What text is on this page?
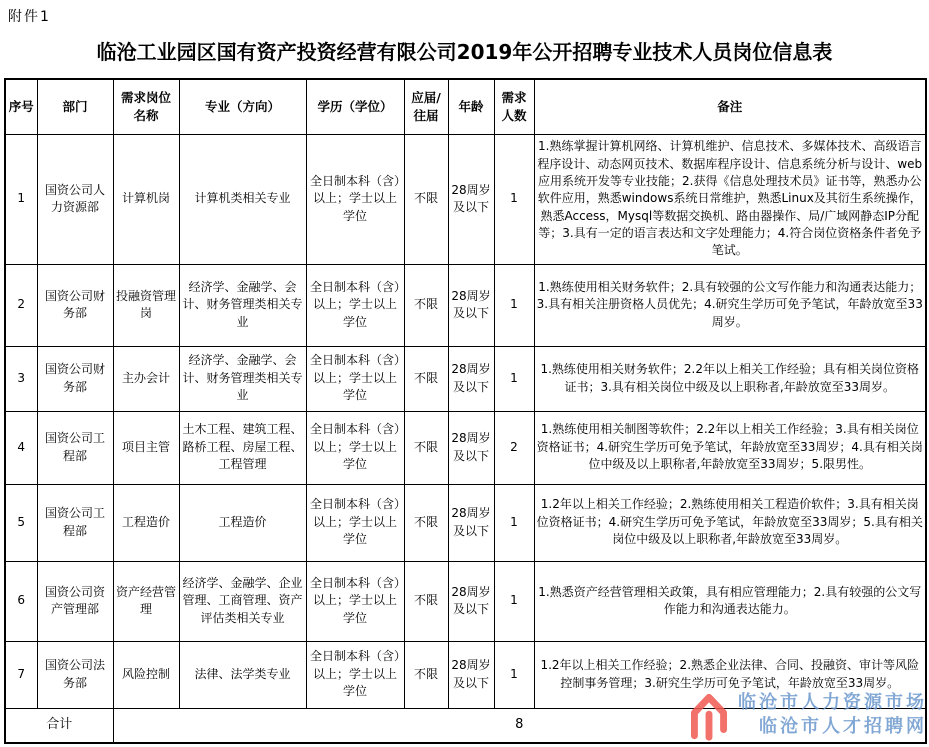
附件1
临沧工业园区国有资产投资经营有限公司2019年公开招聘专业技术人员岗位信息表
序号	部门	需求岗位名称	专业（方向）	学历（学位）	应届/往届	年龄	需求人数	备注
1	国资公司人力资源部	计算机岗	计算机类相关专业	全日制本科（含）以上；学士以上学位	不限	28周岁及以下	1	1.熟练掌握计算机网络、计算机维护、信息技术、多媒体技术、高级语言程序设计、动态网页技术、数据库程序设计、信息系统分析与设计、web应用系统开发等专业技能；2.获得《信息处理技术员》证书等，熟悉办公软件应用，熟悉windows系统日常维护，熟悉Linux及其衍生系统操作，熟悉Access，Mysql等数据交换机、路由器操作、局/广域网静态IP分配等；3.具有一定的语言表达和文字处理能力；4.符合岗位资格条件者免予笔试。
2	国资公司财务部	投融资管理岗	经济学、金融学、会计、财务管理类相关专业	全日制本科（含）以上；学士以上学位	不限	28周岁及以下	1	1.熟练使用相关财务软件；2.具有较强的公文写作能力和沟通表达能力；3.具有相关注册资格人员优先；4.研究生学历可免予笔试，年龄放宽至33周岁。
3	国资公司财务部	主办会计	经济学、金融学、会计、财务管理类相关专业	全日制本科（含）以上；学士以上学位	不限	28周岁及以下	1	1.熟练使用相关财务软件；2.2年以上相关工作经验；具有相关岗位资格证书；3.具有相关岗位中级及以上职称者,年龄放宽至33周岁。
4	国资公司工程部	项目主管	土木工程、建筑工程、路桥工程、房屋工程、工程管理	全日制本科（含）以上；学士以上学位	不限	28周岁及以下	2	1.熟练使用相关制图等软件；2.2年以上相关工作经验；3.具有相关岗位资格证书；4.研究生学历可免予笔试，年龄放宽至33周岁；4.具有相关岗位中级及以上职称者,年龄放宽至33周岁；5.限男性。
5	国资公司工程部	工程造价	工程造价	全日制本科（含）以上；学士以上学位	不限	28周岁及以下	1	1.2年以上相关工作经验；2.熟练使用相关工程造价软件；3.具有相关岗位资格证书；4.研究生学历可免予笔试，年龄放宽至33周岁；5.具有相关岗位中级及以上职称者,年龄放宽至33周岁。
6	国资公司资产管理部	资产经营管理	经济学、金融学、企业管理、工商管理、资产评估类相关专业	全日制本科（含）以上；学士以上学位	不限	28周岁及以下	1	1.熟悉资产经营管理相关政策，具有相应管理能力；2.具有较强的公文写作能力和沟通表达能力。
7	国资公司法务部	风险控制	法律、法学类专业	全日制本科（含）以上；学士以上学位	不限	28周岁及以下	1	1.2年以上相关工作经验；2.熟悉企业法律、合同、投融资、审计等风险控制事务管理；3.研究生学历可免予笔试，年龄放宽至33周岁。
合计		8						
临沧市人力资源市场
临沧市人才招聘网
